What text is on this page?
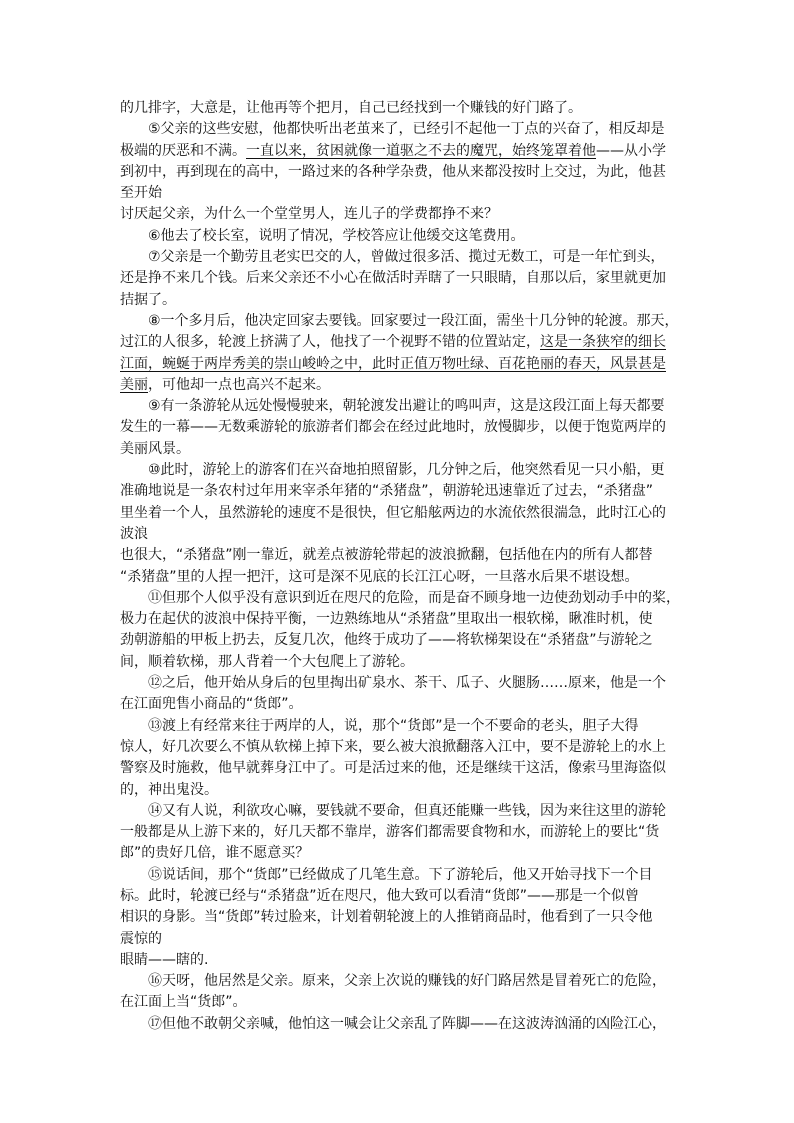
的几排字，大意是，让他再等个把月，自己已经找到一个赚钱的好门路了。
⑤父亲的这些安慰，他都快听出老茧来了，已经引不起他一丁点的兴奋了，相反却是
极端的厌恶和不满。一直以来，贫困就像一道驱之不去的魔咒，始终笼罩着他——从小学
到初中，再到现在的高中，一路过来的各种学杂费，他从来都没按时上交过，为此，他甚
至开始
讨厌起父亲，为什么一个堂堂男人，连儿子的学费都挣不来？
⑥他去了校长室，说明了情况，学校答应让他缓交这笔费用。
⑦父亲是一个勤劳且老实巴交的人，曾做过很多活、揽过无数工，可是一年忙到头，
还是挣不来几个钱。后来父亲还不小心在做活时弄瞎了一只眼睛，自那以后，家里就更加
拮据了。
⑧一个多月后，他决定回家去要钱。回家要过一段江面，需坐十几分钟的轮渡。那天，
过江的人很多，轮渡上挤满了人，他找了一个视野不错的位置站定，这是一条狭窄的细长
江面，蜿蜒于两岸秀美的崇山峻岭之中，此时正值万物吐绿、百花艳丽的春天，风景甚是
美丽，可他却一点也高兴不起来。
⑨有一条游轮从远处慢慢驶来，朝轮渡发出避让的鸣叫声，这是这段江面上每天都要
发生的一幕——无数乘游轮的旅游者们都会在经过此地时，放慢脚步，以便于饱览两岸的
美丽风景。
⑩此时，游轮上的游客们在兴奋地拍照留影，几分钟之后，他突然看见一只小船，更
准确地说是一条农村过年用来宰杀年猪的“杀猪盘”，朝游轮迅速靠近了过去，“杀猪盘”
里坐着一个人，虽然游轮的速度不是很快，但它船舷两边的水流依然很湍急，此时江心的
波浪
也很大，“杀猪盘”刚一靠近，就差点被游轮带起的波浪掀翻，包括他在内的所有人都替
“杀猪盘”里的人捏一把汗，这可是深不见底的长江江心呀，一旦落水后果不堪设想。
⑪但那个人似乎没有意识到近在咫尺的危险，而是奋不顾身地一边使劲划动手中的桨，
极力在起伏的波浪中保持平衡，一边熟练地从“杀猪盘”里取出一根软梯，瞅准时机，使
劲朝游船的甲板上扔去，反复几次，他终于成功了——将软梯架设在“杀猪盘”与游轮之
间，顺着软梯，那人背着一个大包爬上了游轮。
⑫之后，他开始从身后的包里掏出矿泉水、茶干、瓜子、火腿肠……原来，他是一个
在江面兜售小商品的“货郎”。
⑬渡上有经常来往于两岸的人，说，那个“货郎”是一个不要命的老头，胆子大得
惊人，好几次要么不慎从软梯上掉下来，要么被大浪掀翻落入江中，要不是游轮上的水上
警察及时施救，他早就葬身江中了。可是活过来的他，还是继续干这活，像索马里海盗似
的，神出鬼没。
⑭又有人说，利欲攻心嘛，要钱就不要命，但真还能赚一些钱，因为来往这里的游轮
一般都是从上游下来的，好几天都不靠岸，游客们都需要食物和水，而游轮上的要比“货
郎”的贵好几倍，谁不愿意买？
⑮说话间，那个“货郎”已经做成了几笔生意。下了游轮后，他又开始寻找下一个目
标。此时，轮渡已经与“杀猪盘”近在咫尺，他大致可以看清“货郎”——那是一个似曾
相识的身影。当“货郎”转过脸来，计划着朝轮渡上的人推销商品时，他看到了一只令他
震惊的
眼睛——瞎的.
⑯天呀，他居然是父亲。原来，父亲上次说的赚钱的好门路居然是冒着死亡的危险，
在江面上当“货郎”。
⑰但他不敢朝父亲喊，他怕这一喊会让父亲乱了阵脚——在这波涛汹涌的凶险江心，
